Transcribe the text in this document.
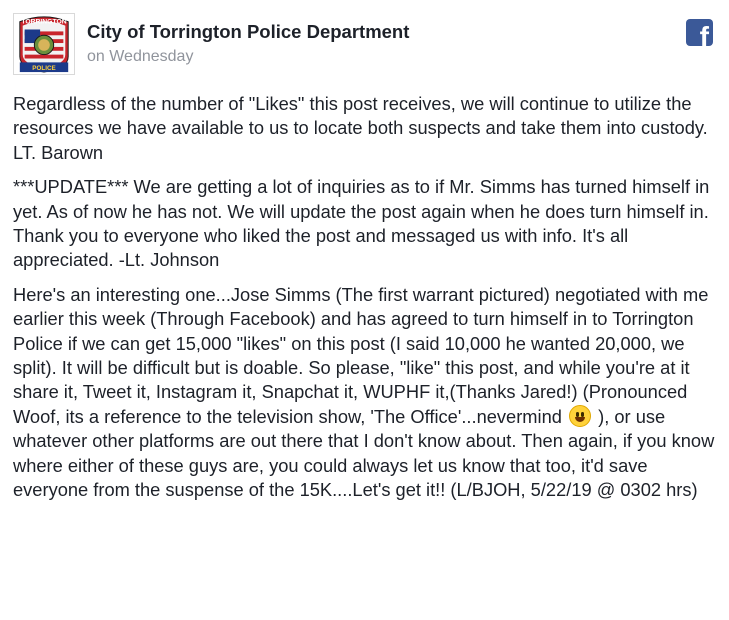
TORRINGTON
POLICE
City of Torrington Police Department
on Wednesday
f

Regardless of the number of "Likes" this post receives, we will continue to utilize the resources we have available to us to locate both suspects and take them into custody. LT. Barown

***UPDATE*** We are getting a lot of inquiries as to if Mr. Simms has turned himself in yet. As of now he has not. We will update the post again when he does turn himself in. Thank you to everyone who liked the post and messaged us with info. It's all appreciated. -Lt. Johnson

Here's an interesting one...Jose Simms (The first warrant pictured) negotiated with me earlier this week (Through Facebook) and has agreed to turn himself in to Torrington Police if we can get 15,000 "likes" on this post (I said 10,000 he wanted 20,000, we split). It will be difficult but is doable. So please, "like" this post, and while you're at it share it, Tweet it, Instagram it, Snapchat it, WUPHF it,(Thanks Jared!) (Pronounced Woof, its a reference to the television show, 'The Office'...nevermind ), or use whatever other platforms are out there that I don't know about. Then again, if you know where either of these guys are, you could always let us know that too, it'd save everyone from the suspense of the 15K....Let's get it!! (L/BJOH, 5/22/19 @ 0302 hrs)
